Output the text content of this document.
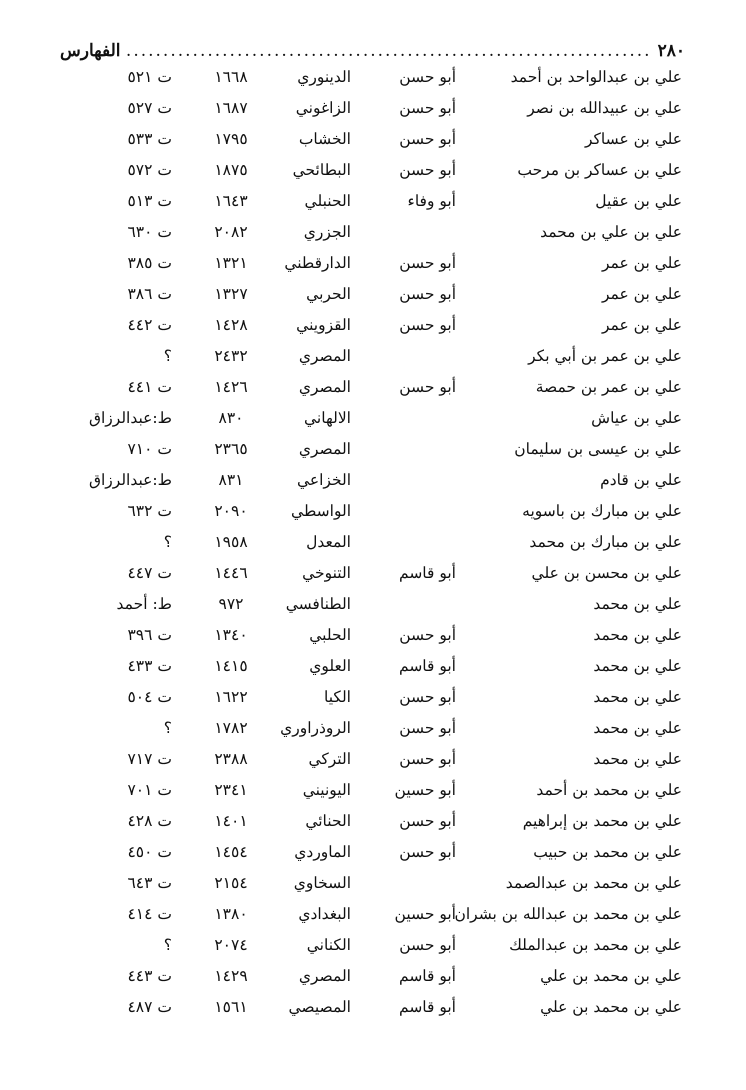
٢٨٠
.....
الفهارس
علي بن عبدالواحد بن أحمد
أبو حسن
الدينوري
١٦٦٨
ت ٥٢١
علي بن عبيدالله بن نصر
أبو حسن
الزاغوني
١٦٨٧
ت ٥٢٧
علي بن عساكر
أبو حسن
الخشاب
١٧٩٥
ت ٥٣٣
علي بن عساكر بن مرحب
أبو حسن
البطائحي
١٨٧٥
ت ٥٧٢
علي بن عقيل
أبو وفاء
الحنبلي
١٦٤٣
ت ٥١٣
علي بن علي بن محمد
الجزري
٢٠٨٢
ت ٦٣٠
علي بن عمر
أبو حسن
الدارقطني
١٣٢١
ت ٣٨٥
علي بن عمر
أبو حسن
الحربي
١٣٢٧
ت ٣٨٦
علي بن عمر
أبو حسن
القزويني
١٤٢٨
ت ٤٤٢
علي بن عمر بن أبي بكر
المصري
٢٤٣٢
؟
علي بن عمر بن حمصة
أبو حسن
المصري
١٤٢٦
ت ٤٤١
علي بن عياش
الالهاني
٨٣٠
ط:عبدالرزاق
علي بن عيسى بن سليمان
المصري
٢٣٦٥
ت ٧١٠
علي بن قادم
الخزاعي
٨٣١
ط:عبدالرزاق
علي بن مبارك بن باسويه
الواسطي
٢٠٩٠
ت ٦٣٢
علي بن مبارك بن محمد
المعدل
١٩٥٨
؟
علي بن محسن بن علي
أبو قاسم
التنوخي
١٤٤٦
ت ٤٤٧
علي بن محمد
الطنافسي
٩٧٢
ط: أحمد
علي بن محمد
أبو حسن
الحلبي
١٣٤٠
ت ٣٩٦
علي بن محمد
أبو قاسم
العلوي
١٤١٥
ت ٤٣٣
علي بن محمد
أبو حسن
الكيا
١٦٢٢
ت ٥٠٤
علي بن محمد
أبو حسن
الروذراوري
١٧٨٢
؟
علي بن محمد
أبو حسن
التركي
٢٣٨٨
ت ٧١٧
علي بن محمد بن أحمد
أبو حسين
اليونيني
٢٣٤١
ت ٧٠١
علي بن محمد بن إبراهيم
أبو حسن
الحنائي
١٤٠١
ت ٤٢٨
علي بن محمد بن حبيب
أبو حسن
الماوردي
١٤٥٤
ت ٤٥٠
علي بن محمد بن عبدالصمد
السخاوي
٢١٥٤
ت ٦٤٣
علي بن محمد بن عبدالله بن بشران
أبو حسين
البغدادي
١٣٨٠
ت ٤١٤
علي بن محمد بن عبدالملك
أبو حسن
الكناني
٢٠٧٤
؟
علي بن محمد بن علي
أبو قاسم
المصري
١٤٢٩
ت ٤٤٣
علي بن محمد بن علي
أبو قاسم
المصيصي
١٥٦١
ت ٤٨٧
